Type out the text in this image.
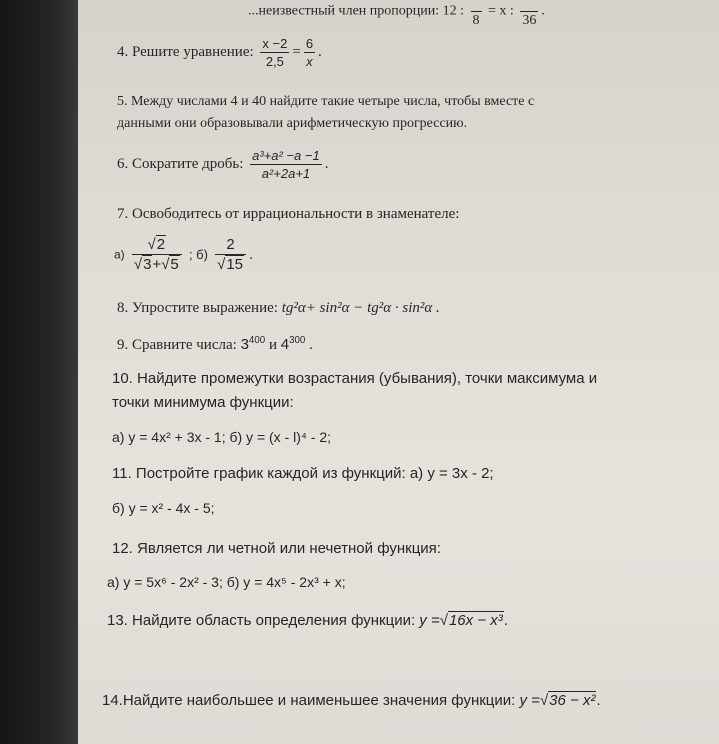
...неизвестный член пропорции: 12 :

8
= x :

36
.
4. Решите уравнение: $\frac{x -2}{2,5} = \frac{6}{x}$ .
5. Между числами 4 и 40 найдите такие четыре числа, чтобы вместе с
данными они образовывали арифметическую прогрессию.
6. Сократите дробь: $\frac{\text{a³+a² −a −1}}{\text{a²+2a+1}}$ .
7. Освободитесь от иррациональности в знаменателе:
$а) \frac{√2}{√3+√5}$ ; $б) \frac{2}{√15}$ .
8. Упростите выражение: tg²α+ sin²α − tg²α · sin²α .
9. Сравните числа: $3^{400}$ и $4^{300}$ .
10. Найдите промежутки возрастания (убывания), точки максимума и
точки минимума функции:
а) y = 4x² + 3x - 1; б) y = (x - l)⁴ - 2;
11. Постройте график каждой из функций: а) y = 3x - 2;
б) y = x² - 4x - 5;
12. Является ли четной или нечетной функция:
а) y = 5x⁶ - 2x² - 3; б) y = 4x⁵ - 2x³ + x;
13. Найдите область определения функции: y =√16x − x³.
14.Найдите наибольшее и наименьшее значения функции: y =√36 − x².
